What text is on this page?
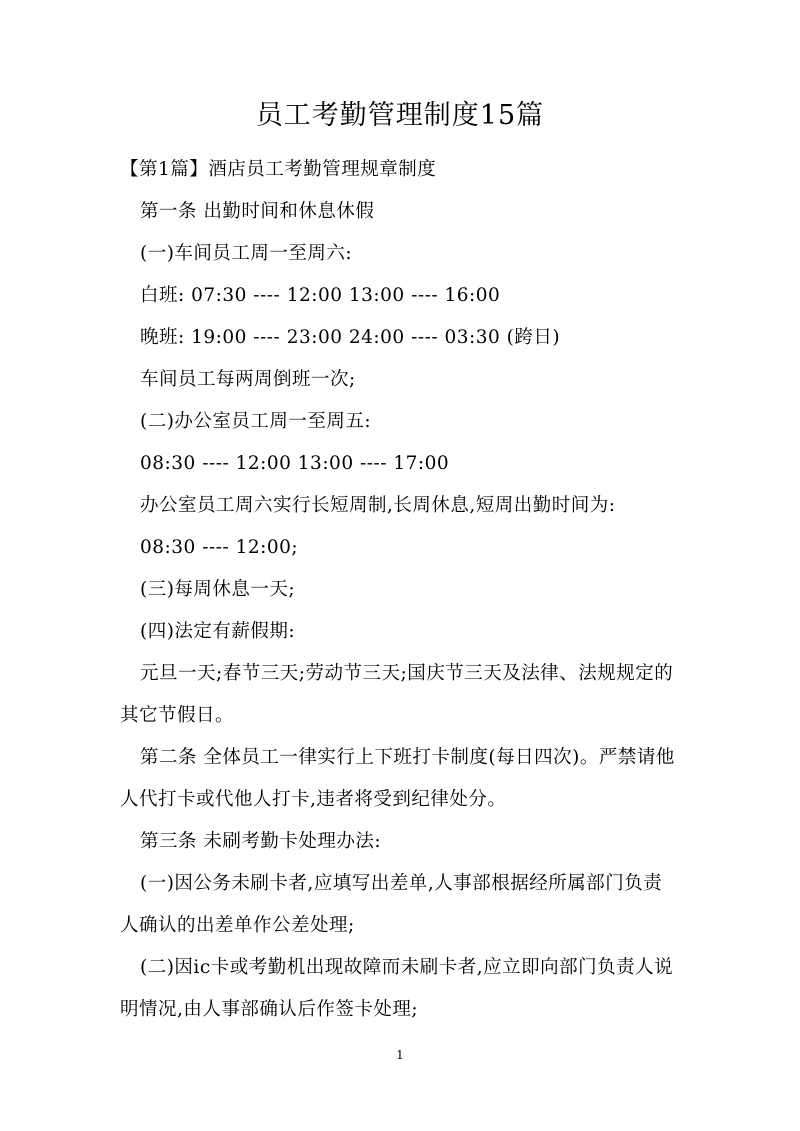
员工考勤管理制度15篇
【第1篇】酒店员工考勤管理规章制度
第一条 出勤时间和休息休假
(一)车间员工周一至周六:
白班: 07:30 ---- 12:00 13:00 ---- 16:00
晚班: 19:00 ---- 23:00 24:00 ---- 03:30 (跨日)
车间员工每两周倒班一次;
(二)办公室员工周一至周五:
08:30 ---- 12:00 13:00 ---- 17:00
办公室员工周六实行长短周制,长周休息,短周出勤时间为:
08:30 ---- 12:00;
(三)每周休息一天;
(四)法定有薪假期:
元旦一天;春节三天;劳动节三天;国庆节三天及法律、法规规定的
其它节假日。
第二条 全体员工一律实行上下班打卡制度(每日四次)。严禁请他
人代打卡或代他人打卡,违者将受到纪律处分。
第三条 未刷考勤卡处理办法:
(一)因公务未刷卡者,应填写出差单,人事部根据经所属部门负责
人确认的出差单作公差处理;
(二)因ic卡或考勤机出现故障而未刷卡者,应立即向部门负责人说
明情况,由人事部确认后作签卡处理;
1
